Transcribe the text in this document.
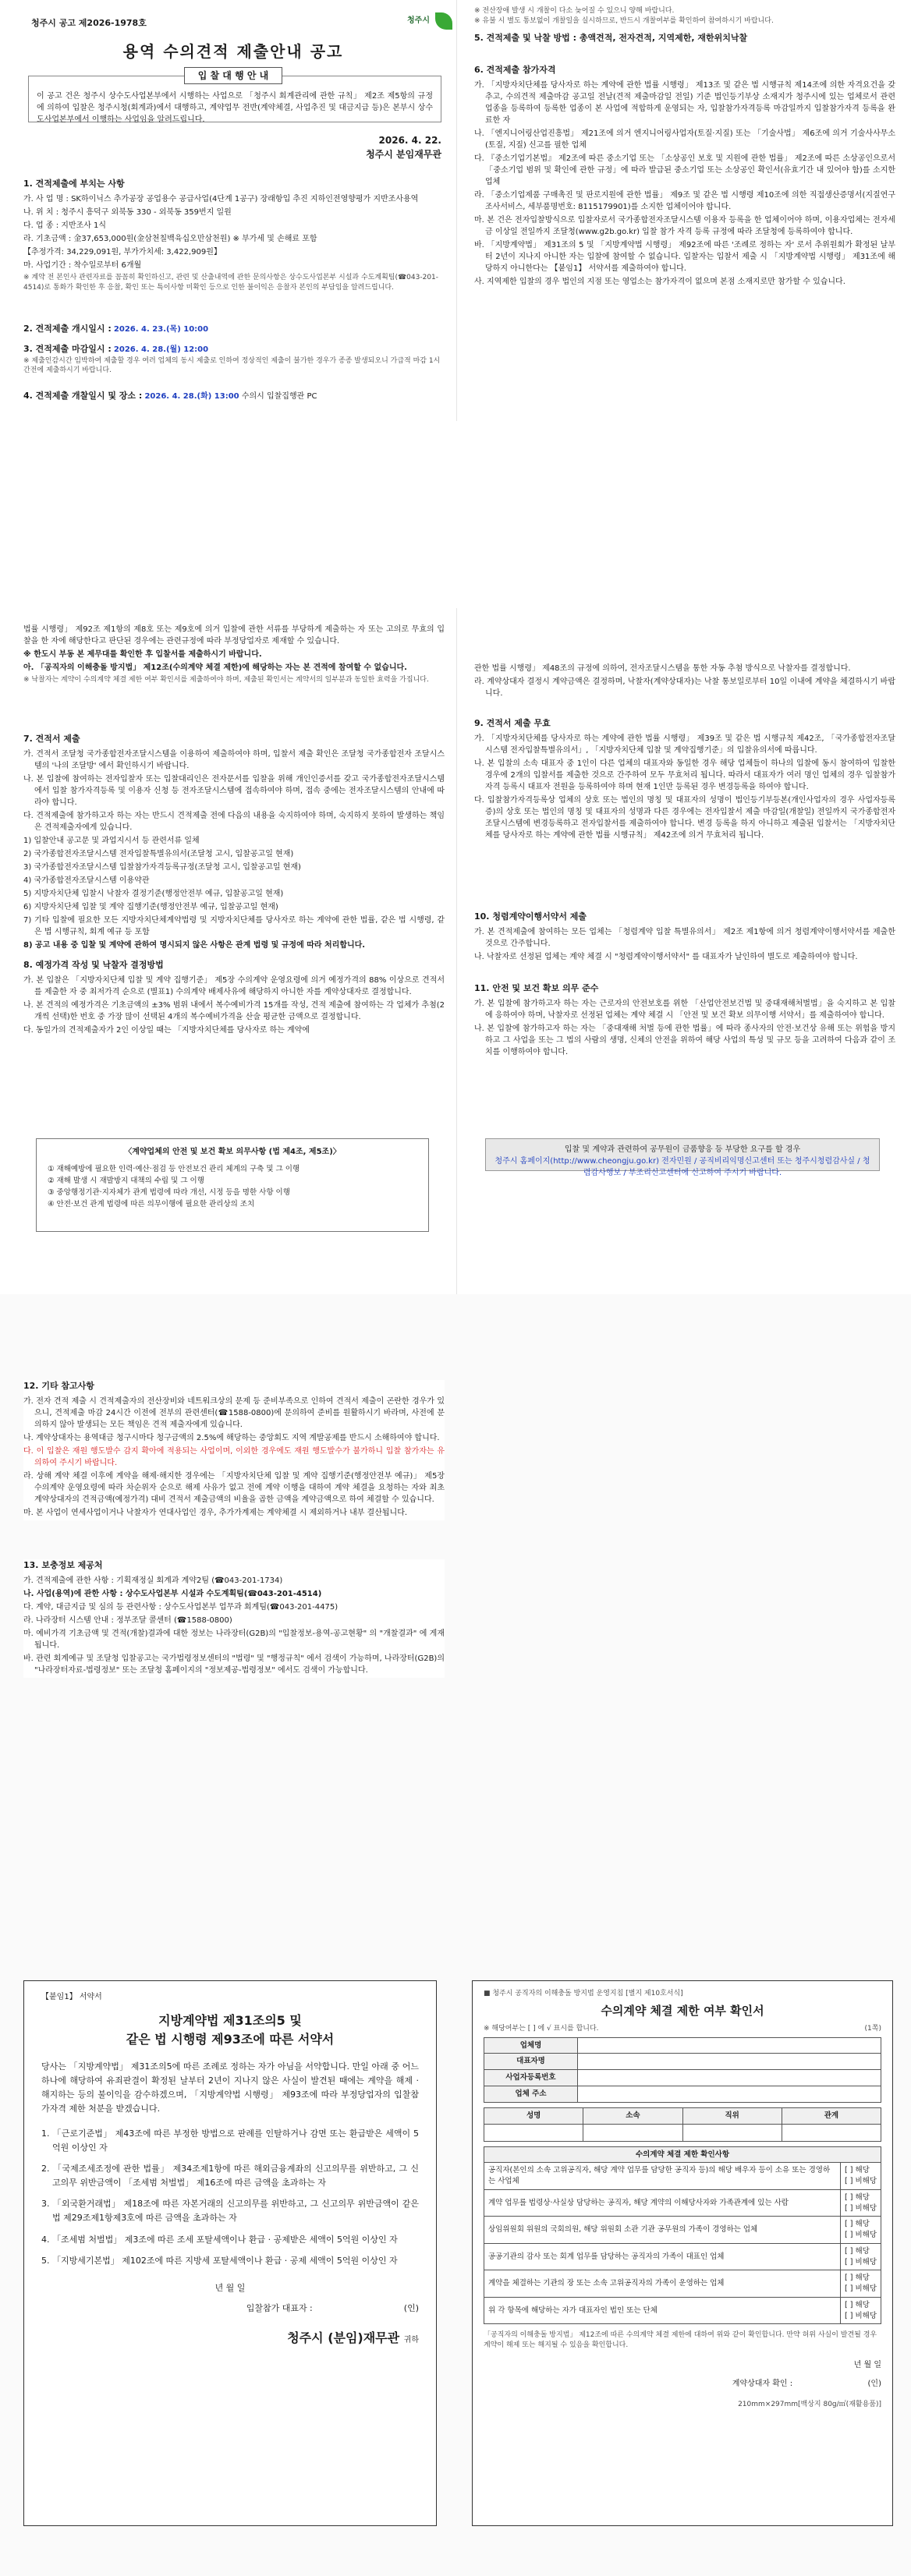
청주시 공고 제2026-1978호	청주시
용역 수의견적 제출안내 공고
이 공고 건은 청주시 상수도사업본부에서 시행하는 사업으로 「청주시 회계관리에 관한 규칙」 제2조 제5항의 규정에 의하여 입찰은 청주시청(회계과)에서 대행하고, 계약업무 전반(계약체결, 사업추진 및 대금지급 등)은 본부시 상수도사업본부에서 이행하는 사업임을 알려드립니다.
입 찰 대 행 안 내
2026. 4. 22.
청주시 분임재무관
1. 견적제출에 부치는 사항
가. 사 업 명 : SK하이닉스 추가공장 공업용수 공급사업(4단계 1공구) 장래항입 추진 지하인전영향평가 지반조사용역
나. 위 치 : 청주시 흥덕구 외북동 330 - 외북동 359번지 일원
다. 업 종 : 지반조사 1식
라. 기초금액 : 金37,653,000원(金삼천칠백육십오만삼천원) ※ 부가세 및 손해료 포함
【추정가격: 34,229,091원, 부가가치세: 3,422,909원】
마. 사업기간 : 착수일로부터 6개월
※ 계약 전 본인사 관련자료를 꼼꼼히 확인하신고, 관련 및 산출내역에 관한 문의사항은 상수도사업본부 시설과 수도계획팀(☎043-201-4514)로 통화가 확인한 후 응찰, 확인 또는 특이사항 미확인 등으로 인한 불이익은 응찰자 본인의 부담임을 알려드립니다.
2. 견적제출 개시일시 : 2026. 4. 23.(목) 10:00
3. 견적제출 마감일시 : 2026. 4. 28.(월) 12:00
※ 제출인감시간 임박하여 제출할 경우 여러 업체의 동시 제출로 인하여 정상적인 제출이 불가한 경우가 종종 발생되오니 가급적 마감 1시간전에 제출하시기 바랍니다.
4. 견적제출 개찰일시 및 장소 : 2026. 4. 28.(화) 13:00 수의시 입찰집행관 PC
※ 전산장애 발생 시 개찰이 다소 늦어질 수 있으니 양해 바랍니다.
※ 유불 시 별도 통보없이 개찰일을 실시하므로, 반드시 개찰여부를 확인하여 참여하시기 바랍니다.
5. 견적제출 및 낙찰 방법 : 총액견적, 전자견적, 지역제한, 재한위치낙찰
6. 견적제출 참가자격
가. 「지방자치단체를 당사자로 하는 계약에 관한 법률 시행령」 제13조 및 같은 법 시행규칙 제14조에 의한 자격요건을 갖추고, 수의견적 제출마감 공고일 전날(견적 제출마감일 전일) 기준 법인등기부상 소재지가 청주시에 있는 업체로서 관련 업종을 등록하여 등록한 업종이 본 사업에 적합하게 운영되는 자, 입찰참가자격등록 마감일까지 입찰참가자격 등록을 완료한 자
나. 「엔지니어링산업진흥법」 제21조에 의거 엔지니어링사업자(토질·지질) 또는 「기술사법」 제6조에 의거 기술사사무소(토질, 지질) 신고를 필한 업체
다. 『중소기업기본법』 제2조에 따른 중소기업 또는 「소상공인 보호 및 지원에 관한 법률」 제2조에 따른 소상공인으로서 「중소기업 범위 및 확인에 관한 규정」에 따라 발급된 중소기업 또는 소상공인 확인서(유효기간 내 있어야 함)를 소지한 업체
라. 「중소기업제품 구매촉진 및 판로지원에 관한 법률」 제9조 및 같은 법 시행령 제10조에 의한 직접생산증명서(지질연구조사서비스, 세부품명번호: 8115179901)를 소지한 업체이어야 합니다.
마. 본 건은 전자입찰방식으로 입찰자로서 국가종합전자조달시스템 이용자 등록을 한 업체이어야 하며, 이용자업체는 전자세금 이상일 전일까지 조달청(www.g2b.go.kr) 입찰 참가 자격 등록 규정에 따라 조달청에 등록하여야 합니다.
바. 「지방계약법」 제31조의 5 및 「지방계약법 시행령」 제92조에 따른 '조례로 정하는 자' 로서 추위원회가 확정된 날부터 2년이 지나지 아니한 자는 입찰에 참여할 수 없습니다. 입찰자는 입찰서 제출 시 「지방계약법 시행령」 제31조에 해당하지 아니한다는 【붙임1】 서약서를 제출하여야 합니다.
사. 지역제한 입찰의 경우 법인의 지점 또는 영업소는 참가자격이 없으며 본점 소재지로만 참가할 수 있습니다.
법률 시행령」 제92조 제1항의 제8호 또는 제9호에 의거 입찰에 관한 서류를 부당하게 제출하는 자 또는 고의로 무효의 입찰을 한 자에 해당한다고 판단된 경우에는 관련규정에 따라 부정당업자로 제재할 수 있습니다.
※ 한도시 부동 본 제무대를 확인한 후 입찰서를 제출하시기 바랍니다.
아. 「공직자의 이해충돌 방지법」 제12조(수의계약 체결 제한)에 해당하는 자는 본 견적에 참여할 수 없습니다.
※ 낙찰자는 계약이 수의계약 체결 제한 여부 확인서를 제출하여야 하며, 제출된 확인서는 계약서의 일부분과 동일한 효력을 가집니다.
7. 견적서 제출
가. 견적서 조달청 국가종합전자조달시스템을 이용하여 제출하여야 하며, 입찰서 제출 확인은 조달청 국가종합전자 조달시스템의 '나의 조달방' 에서 확인하시기 바랍니다.
나. 본 입찰에 참여하는 전자입찰자 또는 입찰대리인은 전자문서를 입찰을 위해 개인인증서를 갖고 국가종합전자조달시스템에서 입찰 참가자격등록 및 이용자 신청 등 전자조달시스템에 접속하여야 하며, 접속 중에는 전자조달시스템의 안내에 따라야 합니다.
다. 견적제출에 참가하고자 하는 자는 반드시 견적제출 전에 다음의 내용을 숙지하여야 하며, 숙지하지 못하여 발생하는 책임은 견적제출자에게 있습니다.
1) 입찰안내 공고문 및 과업지시서 등 관련서류 일체
2) 국가종합전자조달시스템 전자입찰특별유의서(조달청 고시, 입찰공고일 현재)
3) 국가종합전자조달시스템 입찰참가자격등록규정(조달청 고시, 입찰공고일 현재)
4) 국가종합전자조달시스템 이용약관
5) 지방자치단체 입찰시 낙찰자 결정기준(행정안전부 예규, 입찰공고일 현재)
6) 지방자치단체 입찰 및 계약 집행기준(행정안전부 예규, 입찰공고일 현재)
7) 기타 입찰에 필요한 모든 지방자치단체계약법령 및 지방자치단체를 당사자로 하는 계약에 관한 법률, 같은 법 시행령, 같은 법 시행규칙, 회계 예규 등 포함
8) 공고 내용 중 입찰 및 계약에 관하여 명시되지 않은 사항은 관계 법령 및 규정에 따라 처리합니다.
8. 예정가격 작성 및 낙찰자 결정방법
가. 본 입찰은 「지방자치단체 입찰 및 계약 집행기준」 제5장 수의계약 운영요령에 의거 예정가격의 88% 이상으로 견적서를 제출한 자 중 최저가격 순으로 (별표1) 수의계약 배제사유에 해당하지 아니한 자를 계약상대자로 결정합니다.
나. 본 견적의 예정가격은 기초금액의 ±3% 범위 내에서 복수예비가격 15개를 작성, 견적 제출에 참여하는 각 업체가 추첨(2개씩 선택)한 번호 중 가장 많이 선택된 4개의 복수예비가격을 산술 평균한 금액으로 결정합니다.
다. 동일가의 견적제출자가 2인 이상일 때는 「지방자치단체를 당사자로 하는 계약에
〈계약업체의 안전 및 보건 확보 의무사항 (법 제4조, 제5조)〉
① 재해예방에 필요한 인력·예산·점검 등 안전보건 관리 체계의 구축 및 그 이행
② 재해 발생 시 재발방지 대책의 수립 및 그 이행
③ 중앙행정기관·지자체가 관계 법령에 따라 개선, 시정 등을 명한 사항 이행
④ 안전·보건 관계 법령에 따른 의무이행에 필요한 관리상의 조치
관한 법률 시행령」 제48조의 규정에 의하여, 전자조달시스템을 통한 자동 추첨 방식으로 낙찰자를 결정합니다.
라. 계약상대자 결정시 계약금액은 결정하며, 낙찰자(계약상대자)는 낙찰 통보일로부터 10일 이내에 계약을 체결하시기 바랍니다.
9. 견적서 제출 무효
가. 「지방자치단체를 당사자로 하는 계약에 관한 법률 시행령」 제39조 및 같은 법 시행규칙 제42조, 「국가종합전자조달시스템 전자입찰특별유의서」, 「지방자치단체 입찰 및 계약집행기준」의 입찰유의서에 따릅니다.
나. 본 입찰의 소속 대표자 중 1인이 다른 업체의 대표자와 동일한 경우 해당 업체들이 하나의 입찰에 동시 참여하여 입찰한 경우에 2개의 입찰서를 제출한 것으로 간주하여 모두 무효처리 됩니다. 따라서 대표자가 여러 명인 업체의 경우 입찰참가자격 등록시 대표자 전원을 등록하여야 하며 현재 1인만 등록된 경우 변경등록을 하여야 합니다.
다. 입찰참가자격등록상 업체의 상호 또는 법인의 명칭 및 대표자의 성명이 법인등기부등본(개인사업자의 경우 사업자등록증)의 상호 또는 법인의 명칭 및 대표자의 성명과 다른 경우에는 전자입찰서 제출 마감일(개찰일) 전일까지 국가종합전자조달시스템에 변경등록하고 전자입찰서를 제출하여야 합니다. 변경 등록을 하지 아니하고 제출된 입찰서는 「지방자치단체를 당사자로 하는 계약에 관한 법률 시행규칙」 제42조에 의거 무효처리 됩니다.
10. 청렴계약이행서약서 제출
가. 본 견적제출에 참여하는 모든 업체는 「청렴계약 입찰 특별유의서」 제2조 제1항에 의거 청렴계약이행서약서를 제출한 것으로 간주합니다.
나. 낙찰자로 선정된 업체는 계약 체결 시 "청렴계약이행서약서" 를 대표자가 날인하여 별도로 제출하여야 합니다.
11. 안전 및 보건 확보 의무 준수
가. 본 입찰에 참가하고자 하는 자는 근로자의 안전보호를 위한 「산업안전보건법 및 중대재해처벌법」을 숙지하고 본 입찰에 응하여야 하며, 낙찰자로 선정된 업체는 계약 체결 시 「안전 및 보건 확보 의무이행 서약서」를 제출하여야 합니다.
나. 본 입찰에 참가하고자 하는 자는 「중대재해 처벌 등에 관한 법률」에 따라 종사자의 안전·보건상 유해 또는 위험을 방지하고 그 사업을 또는 그 법의 사람의 생명, 신체의 안전을 위하여 해당 사업의 특성 및 규모 등을 고려하여 다음과 같이 조치를 이행하여야 합니다.
입찰 및 계약과 관련하여 공무원이 금품향응 등 부당한 요구를 할 경우
청주시 홈페이지(http://www.cheongju.go.kr) 전자민원 / 공직비리익명신고센터 또는 청주시청렴감사실 / 청렴감사행보 / 부조리신고센터에 신고하여 주시기 바랍니다.
12. 기타 참고사항
가. 전자 견적 제출 시 견적제출자의 전산장비와 네트워크상의 문제 등 준비부족으로 인하여 견적서 제출이 곤란한 경우가 있으니, 견적제출 마감 24시간 이전에 전부의 관련센터(☎1588-0800)에 문의하여 준비를 원활하시기 바라며, 사전에 문의하지 않아 발생되는 모든 책임은 견적 제출자에게 있습니다.
나. 계약상대자는 용역대금 청구시마다 청구금액의 2.5%에 해당하는 중앙회도 지역 계발공제를 반드시 소해하여야 합니다.
다. 이 입찰은 재원 행도발수 감지 확아에 적용되는 사업이며, 이외한 경우에도 재원 행도발수가 불가하니 입찰 참가자는 유의하여 주시기 바랍니다.
라. 상해 계약 체결 이후에 계약을 해제·해지한 경우에는 「지방자치단체 입찰 및 계약 집행기준(행정안전부 예규)」 제5장 수의계약 운영요령에 따라 차순위자 순으로 해제 사유가 없고 전에 계약 이행을 대하여 계약 체결을 요청하는 자와 최초 계약상대자의 견적금액(예정가격) 대비 견적서 제출금액의 비율을 곱한 금액을 계약금액으로 하여 체결할 수 있습니다.
마. 본 사업이 연세사업이거나 낙찰자가 연대사업인 경우, 추가가계제는 계약체결 시 제외하거나 내부 결산됩니다.
13. 보충정보 제공처
가. 견적제출에 관한 사항 : 기획재정실 회계과 계약2팀 (☎043-201-1734)
나. 사업(용역)에 관한 사항 : 상수도사업본부 시설과 수도계획팀(☎043-201-4514)
다. 계약, 대금지급 및 심의 등 관련사항 : 상수도사업본부 업무과 회계팀(☎043-201-4475)
라. 나라장터 시스템 안내 : 정부조달 콜센터 (☎1588-0800)
마. 예비가격 기초금액 및 견적(개찰)결과에 대한 정보는 나라장터(G2B)의 "입찰정보-용역-공고현황" 의 "개찰결과" 에 게재됩니다.
바. 관련 회계예규 및 조달청 입찰공고는 국가법령정보센터의 "법령" 및 "행정규칙" 에서 검색이 가능하며, 나라장터(G2B)의 "나라장터자료-법령정보" 또는 조달청 홈페이지의 "정보제공-법령정보" 에서도 검색이 가능합니다.
【붙임1】 서약서
지방계약법 제31조의5 및
같은 법 시행령 제93조에 따른 서약서
당사는 「지방계약법」 제31조의5에 따른 조례로 정하는 자가 아님을 서약합니다. 만일 아래 중 어느 하나에 해당하여 유죄판결이 확정된 날부터 2년이 지나지 않은 사실이 발견된 때에는 계약을 해제 · 해지하는 등의 불이익을 감수하겠으며, 「지방계약법 시행령」 제93조에 따라 부정당업자의 입찰참가자격 제한 처분을 받겠습니다.
1. 「근로기준법」 제43조에 따른 부정한 방법으로 판례를 인탈하거나 감면 또는 환급받은 세액이 5억원 이상인 자
2. 「국제조세조정에 관한 법률」 제34조제1항에 따른 해외금융계좌의 신고의무를 위반하고, 그 신고의무 위반금액이 「조세범 처벌법」 제16조에 따른 금액을 초과하는 자
3. 「외국환거래법」 제18조에 따른 자본거래의 신고의무를 위반하고, 그 신고의무 위반금액이 같은 법 제29조제1항제3호에 따른 금액을 초과하는 자
4. 「조세범 처벌법」 제3조에 따른 조세 포탈세액이나 환급 · 공제받은 세액이 5억원 이상인 자
5. 「지방세기본법」 제102조에 따른 지방세 포탈세액이나 환급 · 공제 세액이 5억원 이상인 자
년 월 일
입찰참가 대표자 :	(인)
청주시 (분임)재무관 귀하
■ 청주시 공직자의 이해충돌 방지법 운영지침 [별지 제10호서식]
수의계약 체결 제한 여부 확인서
※ 해당여부는 [ ] 에 √ 표시를 합니다.	(1쪽)
업체명	
대표자명	
사업자등록번호	
업체 주소	
성명	소속	직위	관계

수의계약 체결 제한 확인사항	
공직자(본인의 소속 고위공직자, 해당 계약 업무를 담당한 공직자 등)의 해당 배우자 등이 소유 또는 경영하는 사업체	[ ] 해당
[ ] 비해당
계약 업무를 법령상·사실상 담당하는 공직자, 해당 계약의 이해당사자와 가족관계에 있는 사람	[ ] 해당
[ ] 비해당
상임위원회 위원의 국회의원, 해당 위원회 소관 기관 공무원의 가족이 경영하는 업체	[ ] 해당
[ ] 비해당
공공기관의 감사 또는 회계 업무를 담당하는 공직자의 가족이 대표인 업체	[ ] 해당
[ ] 비해당
계약을 체결하는 기관의 장 또는 소속 고위공직자의 가족이 운영하는 업체	[ ] 해당
[ ] 비해당
위 각 항목에 해당하는 자가 대표자인 법인 또는 단체	[ ] 해당
[ ] 비해당
「공직자의 이해충돌 방지법」 제12조에 따른 수의계약 체결 제한에 대하여 위와 같이 확인합니다. 만약 허위 사실이 발견될 경우 계약이 해제 또는 해지될 수 있음을 확인합니다.
년 월 일
계약상대자 확인 :	(인)
210mm×297mm[백상지 80g/㎡(재활용품)]
